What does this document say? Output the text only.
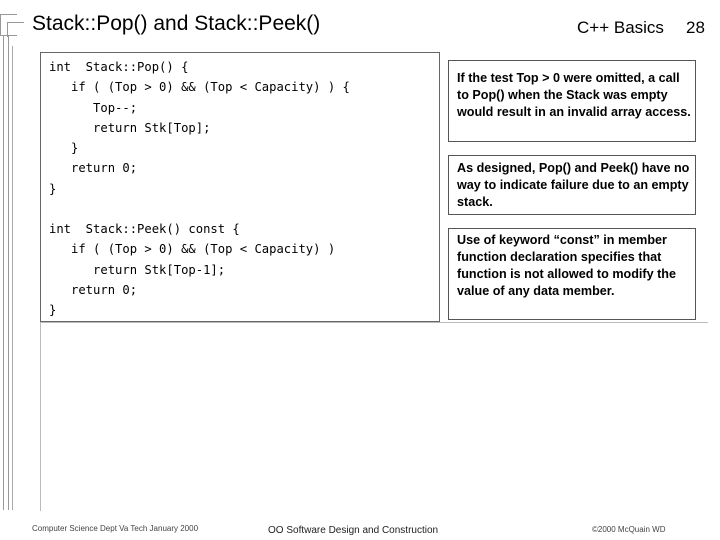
Stack::Pop() and Stack::Peek()	C++ Basics 28
int  Stack::Pop() {
if ( (Top > 0) && (Top < Capacity) ) {
Top--;
return Stk[Top];
}
return 0;
}
int  Stack::Peek() const {
if ( (Top > 0) && (Top < Capacity) )
return Stk[Top-1];
return 0;
}
If the test Top > 0 were omitted, a call to Pop() when the Stack was empty would result in an invalid array access.
As designed, Pop() and Peek() have no way to indicate failure due to an empty stack.
Use of keyword “const” in member function declaration specifies that function is not allowed to modify the value of any data member.
Computer Science Dept Va Tech January 2000	OO Software Design and Construction	©2000 McQuain WD
